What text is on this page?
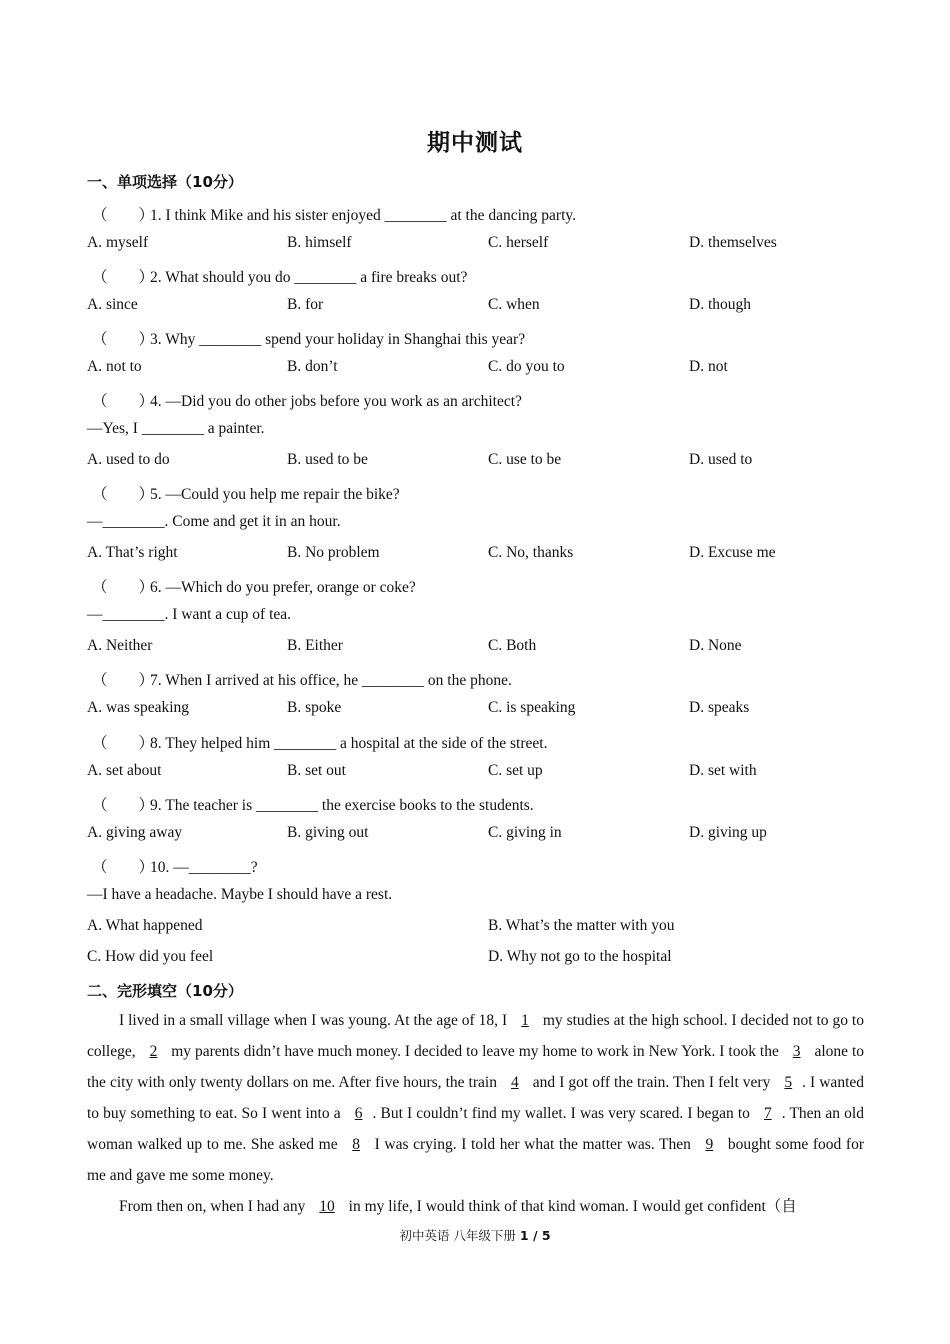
期中测试
一、单项选择（10分）
（　　）1. I think Mike and his sister enjoyed ________ at the dancing party.
A. myself	B. himself	C. herself	D. themselves
（　　）2. What should you do ________ a fire breaks out?
A. since	B. for	C. when	D. though
（　　）3. Why ________ spend your holiday in Shanghai this year?
A. not to	B. don’t	C. do you to	D. not
（　　）4. —Did you do other jobs before you work as an architect?
—Yes, I ________ a painter.
A. used to do	B. used to be	C. use to be	D. used to
（　　）5. —Could you help me repair the bike?
—________. Come and get it in an hour.
A. That’s right	B. No problem	C. No, thanks	D. Excuse me
（　　）6. —Which do you prefer, orange or coke?
—________. I want a cup of tea.
A. Neither	B. Either	C. Both	D. None
（　　）7. When I arrived at his office, he ________ on the phone.
A. was speaking	B. spoke	C. is speaking	D. speaks
（　　）8. They helped him ________ a hospital at the side of the street.
A. set about	B. set out	C. set up	D. set with
（　　）9. The teacher is ________ the exercise books to the students.
A. giving away	B. giving out	C. giving in	D. giving up
（　　）10. —________?
—I have a headache. Maybe I should have a rest.
A. What happened	B. What’s the matter with you
C. How did you feel	D. Why not go to the hospital
二、完形填空（10分）

I lived in a small village when I was young. At the age of 18, I 1 my studies at the high school. I decided not to go to college, 2 my parents didn’t have much money. I decided to leave my home to work in New York. I took the 3 alone to the city with only twenty dollars on me. After five hours, the train 4 and I got off the train. Then I felt very 5 . I wanted to buy something to eat. So I went into a 6 . But I couldn’t find my wallet. I was very scared. I began to 7 . Then an old woman walked up to me. She asked me 8 I was crying. I told her what the matter was. Then 9 bought some food for me and gave me some money.

From then on, when I had any 10 in my life, I would think of that kind woman. I would get confident（自

初中英语 八年级下册 1 / 5
